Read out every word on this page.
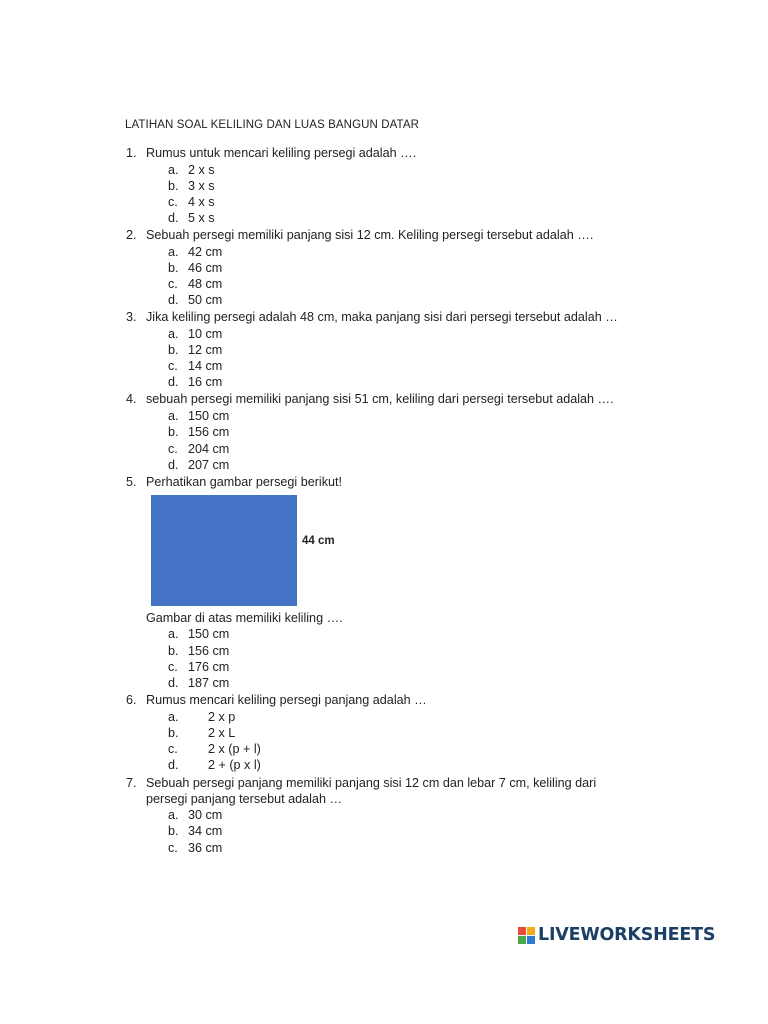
LATIHAN SOAL KELILING DAN LUAS BANGUN DATAR
1. Rumus untuk mencari keliling persegi adalah ….
a. 2 x s
b. 3 x s
c. 4 x s
d. 5 x s
2. Sebuah persegi memiliki panjang sisi 12 cm. Keliling persegi tersebut adalah ….
a. 42 cm
b. 46 cm
c. 48 cm
d. 50 cm
3. Jika keliling persegi adalah 48 cm, maka panjang sisi dari persegi tersebut adalah …
a. 10 cm
b. 12 cm
c. 14 cm
d. 16 cm
4. sebuah persegi memiliki panjang sisi 51 cm, keliling dari persegi tersebut adalah ….
a. 150 cm
b. 156 cm
c. 204 cm
d. 207 cm
5. Perhatikan gambar persegi berikut!
44 cm
Gambar di atas memiliki keliling ….
a. 150 cm
b. 156 cm
c. 176 cm
d. 187 cm
6. Rumus mencari keliling persegi panjang adalah …
a. 2 x p
b. 2 x L
c. 2 x (p + l)
d. 2 + (p x l)
7. Sebuah persegi panjang memiliki panjang sisi 12 cm dan lebar 7 cm, keliling dari
persegi panjang tersebut adalah …
a. 30 cm
b. 34 cm
c. 36 cm
LIVEWORKSHEETS
